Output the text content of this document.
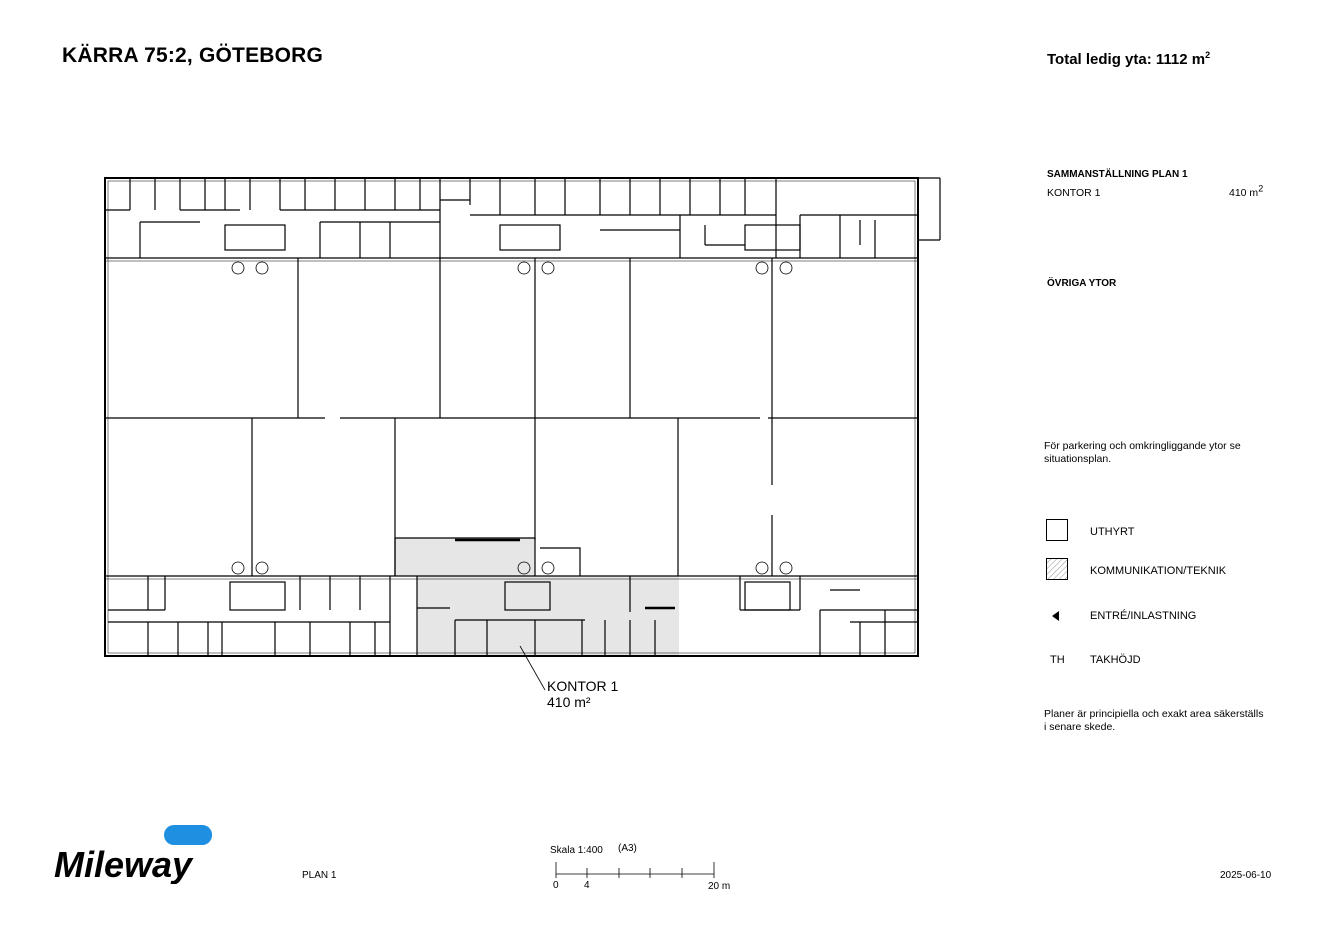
KÄRRA 75:2, GÖTEBORG	Total ledig yta: 1112 $m^2$
SAMMANSTÄLLNING PLAN 1
KONTOR 1	410 m2
ÖVRIGA YTOR
För parkering och omkringliggande ytor se situationsplan.
UTHYRT
KOMMUNIKATION/TEKNIK
ENTRÉ/INLASTNING
TH TAKHÖJD
Planer är principiella och exakt area säkerställs i senare skede.
KONTOR 1
410 m²
Mileway	PLAN 1
Skala 1:400 (A3)
0	4	20 m
2025-06-10
